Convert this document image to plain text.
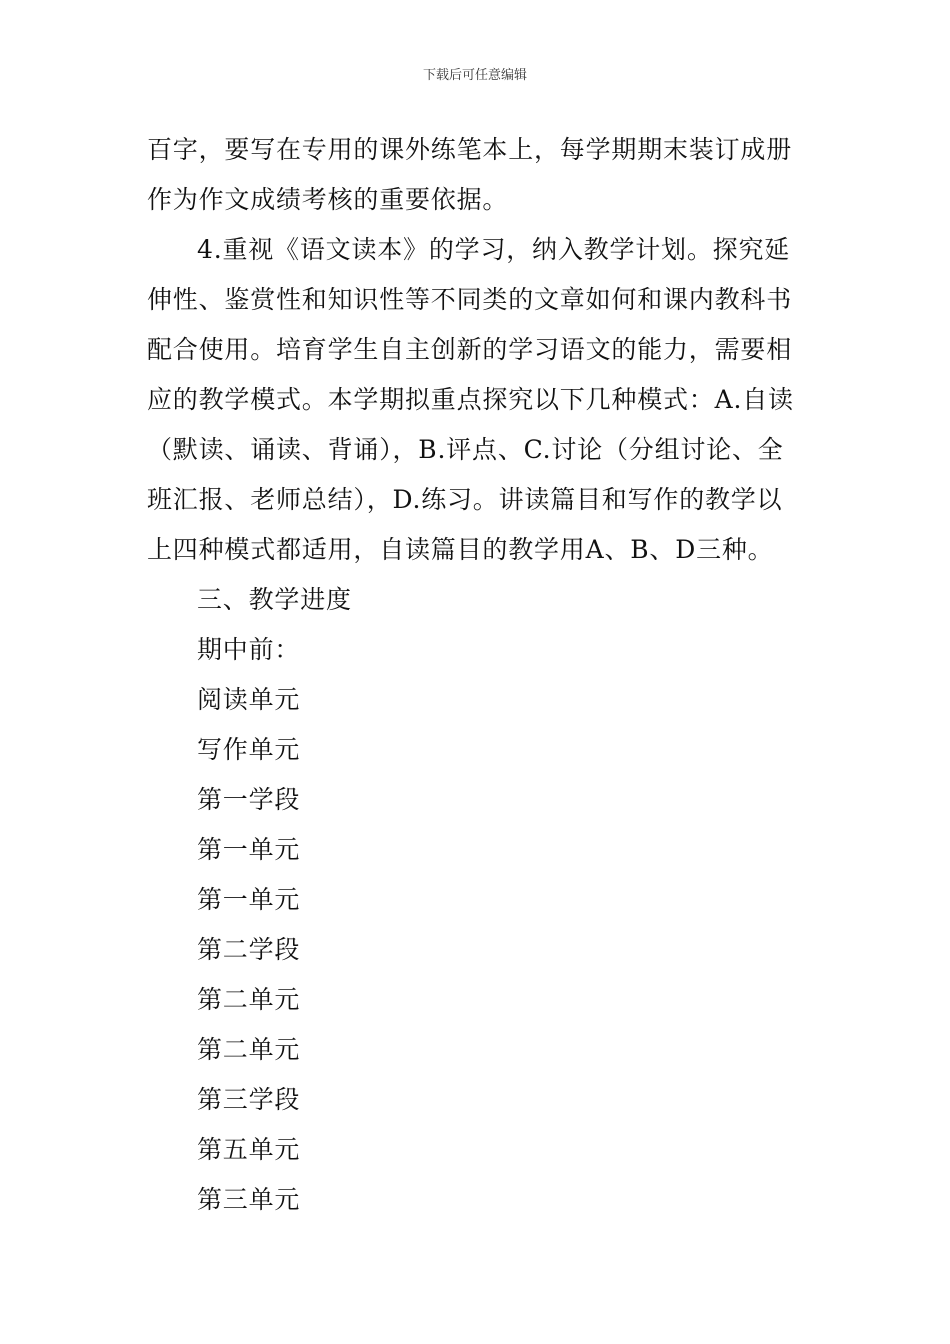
下载后可任意编辑
百字，要写在专用的课外练笔本上，每学期期末装订成册
作为作文成绩考核的重要依据。
4.重视《语文读本》的学习，纳入教学计划。探究延
伸性、鉴赏性和知识性等不同类的文章如何和课内教科书
配合使用。培育学生自主创新的学习语文的能力，需要相
应的教学模式。本学期拟重点探究以下几种模式：A.自读
（默读、诵读、背诵），B.评点、C.讨论（分组讨论、全
班汇报、老师总结），D.练习。讲读篇目和写作的教学以
上四种模式都适用，自读篇目的教学用A、B、D三种。
三、教学进度
期中前：
阅读单元
写作单元
第一学段
第一单元
第一单元
第二学段
第二单元
第二单元
第三学段
第五单元
第三单元
